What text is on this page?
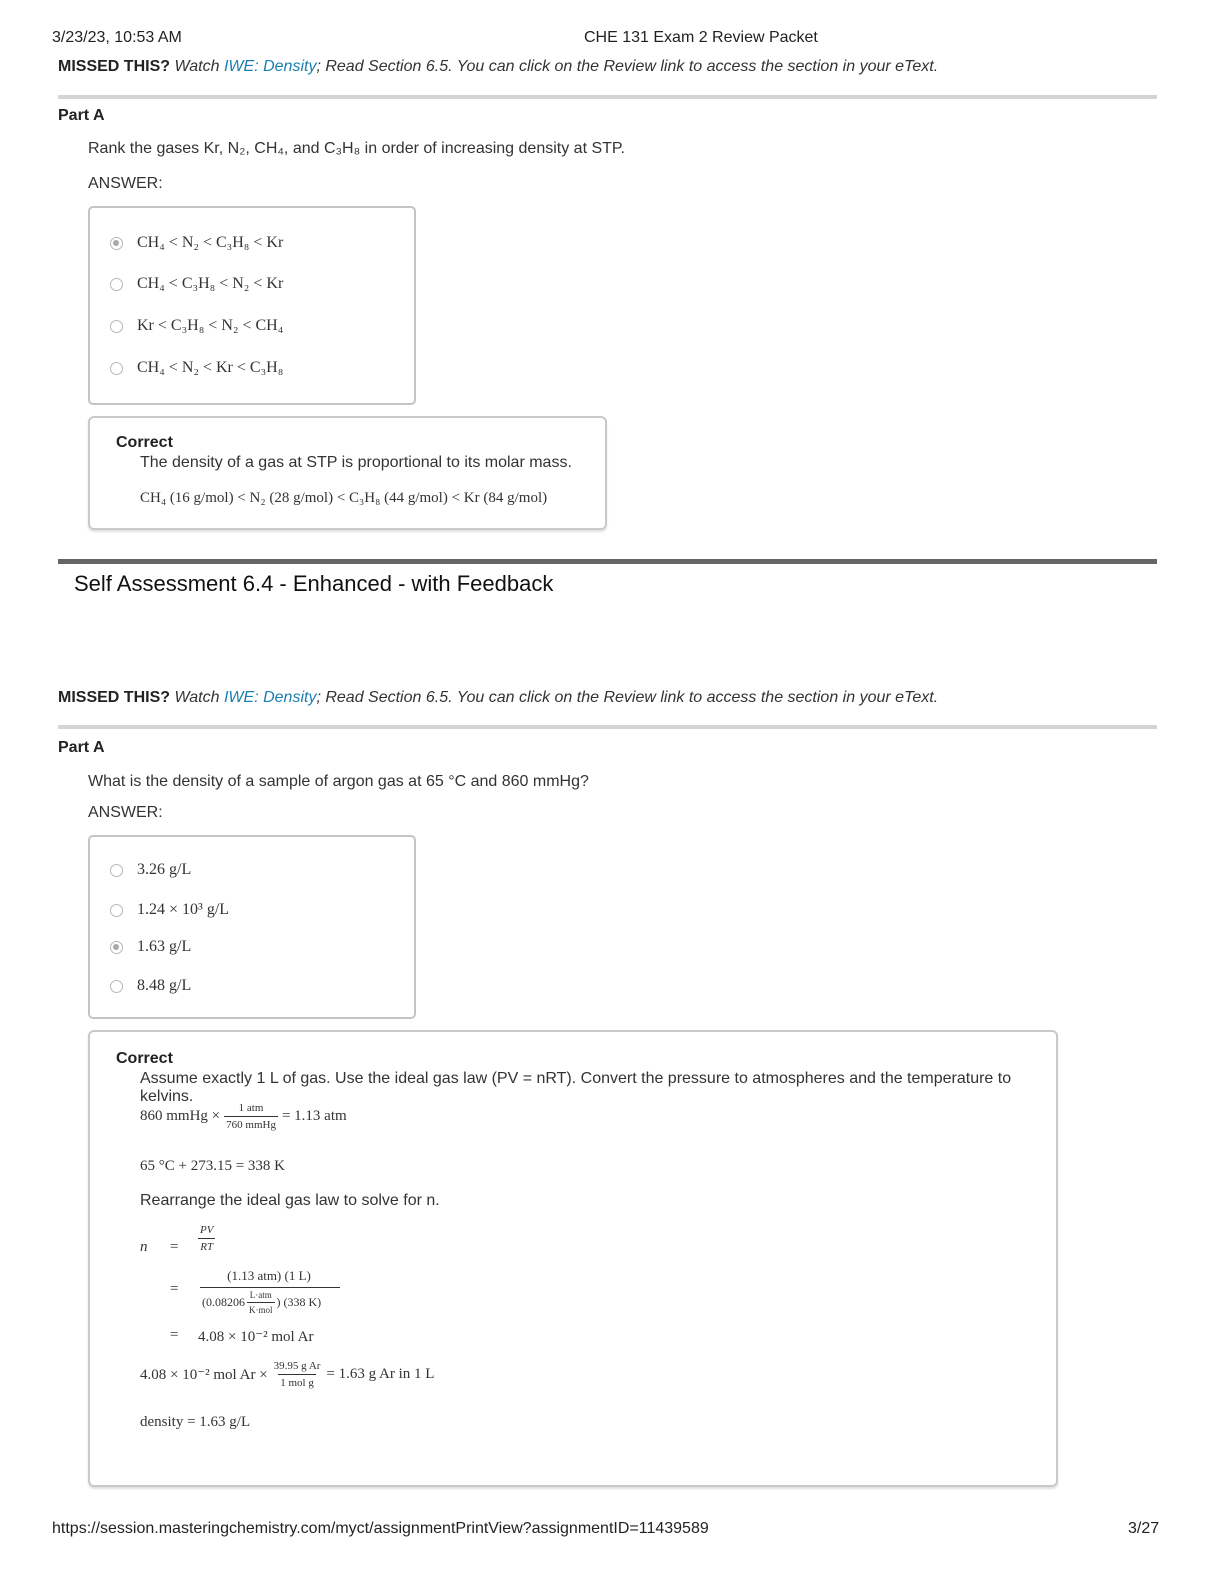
3/23/23, 10:53 AM	CHE 131 Exam 2 Review Packet
MISSED THIS? Watch IWE: Density; Read Section 6.5. You can click on the Review link to access the section in your eText.
Part A
Rank the gases Kr, N₂, CH₄, and C₃H₈ in order of increasing density at STP.
ANSWER:
CH₄ < N₂ < C₃H₈ < Kr
CH₄ < C₃H₈ < N₂ < Kr
Kr < C₃H₈ < N₂ < CH₄
CH₄ < N₂ < Kr < C₃H₈
Correct
The density of a gas at STP is proportional to its molar mass.
CH₄ (16 g/mol) < N₂ (28 g/mol) < C₃H₈ (44 g/mol) < Kr (84 g/mol)
Self Assessment 6.4 - Enhanced - with Feedback
MISSED THIS? Watch IWE: Density; Read Section 6.5. You can click on the Review link to access the section in your eText.
Part A
What is the density of a sample of argon gas at 65 °C and 860 mmHg?
ANSWER:
3.26 g/L
1.24 × 10³ g/L
1.63 g/L
8.48 g/L
Correct
Assume exactly 1 L of gas. Use the ideal gas law (PV = nRT). Convert the pressure to atmospheres and the temperature to kelvins.
860 mmHg × $\frac{\text{1 atm}}{\text{760 mmHg}} = 1.13$ atm
65 °C + 273.15 = 338 K
Rearrange the ideal gas law to solve for n.
$n = \frac{PV}{RT}$
=
(1.13 atm) (1 L)
($0.08206 \frac{\text{L·atm}}{\text{K·mol}}$ ) (338 K)
= 4.08 × 10⁻² mol Ar
4.08 × 10⁻² mol $Ar \times \frac{\text{39.95 g Ar}}{\text{1 mol g}} = 1.63$ g Ar in 1 L
density = 1.63 g/L
https://session.masteringchemistry.com/myct/assignmentPrintView?assignmentID=11439589	3/27
